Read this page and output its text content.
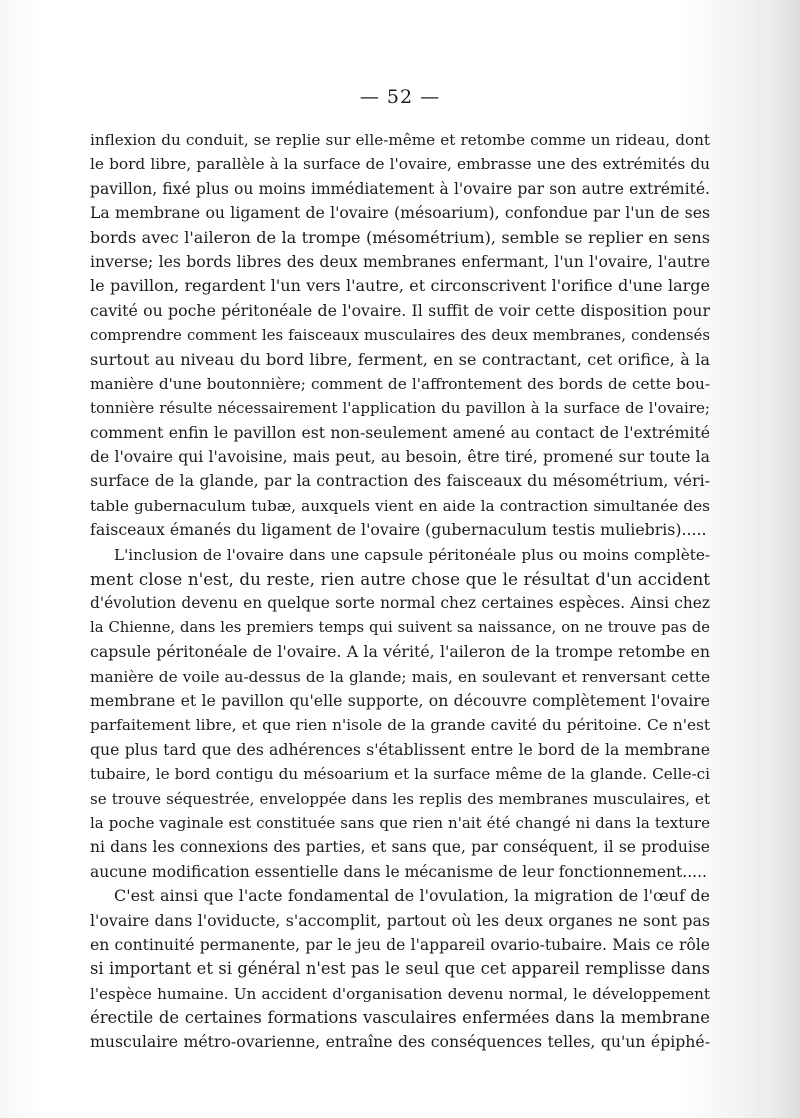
— 52 —
inflexion du conduit, se replie sur elle-même et retombe comme un rideau, dont
le bord libre, parallèle à la surface de l'ovaire, embrasse une des extrémités du
pavillon, fixé plus ou moins immédiatement à l'ovaire par son autre extrémité.
La membrane ou ligament de l'ovaire (mésoarium), confondue par l'un de ses
bords avec l'aileron de la trompe (mésométrium), semble se replier en sens
inverse; les bords libres des deux membranes enfermant, l'un l'ovaire, l'autre
le pavillon, regardent l'un vers l'autre, et circonscrivent l'orifice d'une large
cavité ou poche péritonéale de l'ovaire. Il suffit de voir cette disposition pour
comprendre comment les faisceaux musculaires des deux membranes, condensés
surtout au niveau du bord libre, ferment, en se contractant, cet orifice, à la
manière d'une boutonnière; comment de l'affrontement des bords de cette bou-
tonnière résulte nécessairement l'application du pavillon à la surface de l'ovaire;
comment enfin le pavillon est non-seulement amené au contact de l'extrémité
de l'ovaire qui l'avoisine, mais peut, au besoin, être tiré, promené sur toute la
surface de la glande, par la contraction des faisceaux du mésométrium, véri-
table gubernaculum tubæ, auxquels vient en aide la contraction simultanée des
faisceaux émanés du ligament de l'ovaire (gubernaculum testis muliebris).....
L'inclusion de l'ovaire dans une capsule péritonéale plus ou moins complète-
ment close n'est, du reste, rien autre chose que le résultat d'un accident
d'évolution devenu en quelque sorte normal chez certaines espèces. Ainsi chez
la Chienne, dans les premiers temps qui suivent sa naissance, on ne trouve pas de
capsule péritonéale de l'ovaire. A la vérité, l'aileron de la trompe retombe en
manière de voile au-dessus de la glande; mais, en soulevant et renversant cette
membrane et le pavillon qu'elle supporte, on découvre complètement l'ovaire
parfaitement libre, et que rien n'isole de la grande cavité du péritoine. Ce n'est
que plus tard que des adhérences s'établissent entre le bord de la membrane
tubaire, le bord contigu du mésoarium et la surface même de la glande. Celle-ci
se trouve séquestrée, enveloppée dans les replis des membranes musculaires, et
la poche vaginale est constituée sans que rien n'ait été changé ni dans la texture
ni dans les connexions des parties, et sans que, par conséquent, il se produise
aucune modification essentielle dans le mécanisme de leur fonctionnement.....
C'est ainsi que l'acte fondamental de l'ovulation, la migration de l'œuf de
l'ovaire dans l'oviducte, s'accomplit, partout où les deux organes ne sont pas
en continuité permanente, par le jeu de l'appareil ovario-tubaire. Mais ce rôle
si important et si général n'est pas le seul que cet appareil remplisse dans
l'espèce humaine. Un accident d'organisation devenu normal, le développement
érectile de certaines formations vasculaires enfermées dans la membrane
musculaire métro-ovarienne, entraîne des conséquences telles, qu'un épiphé-
